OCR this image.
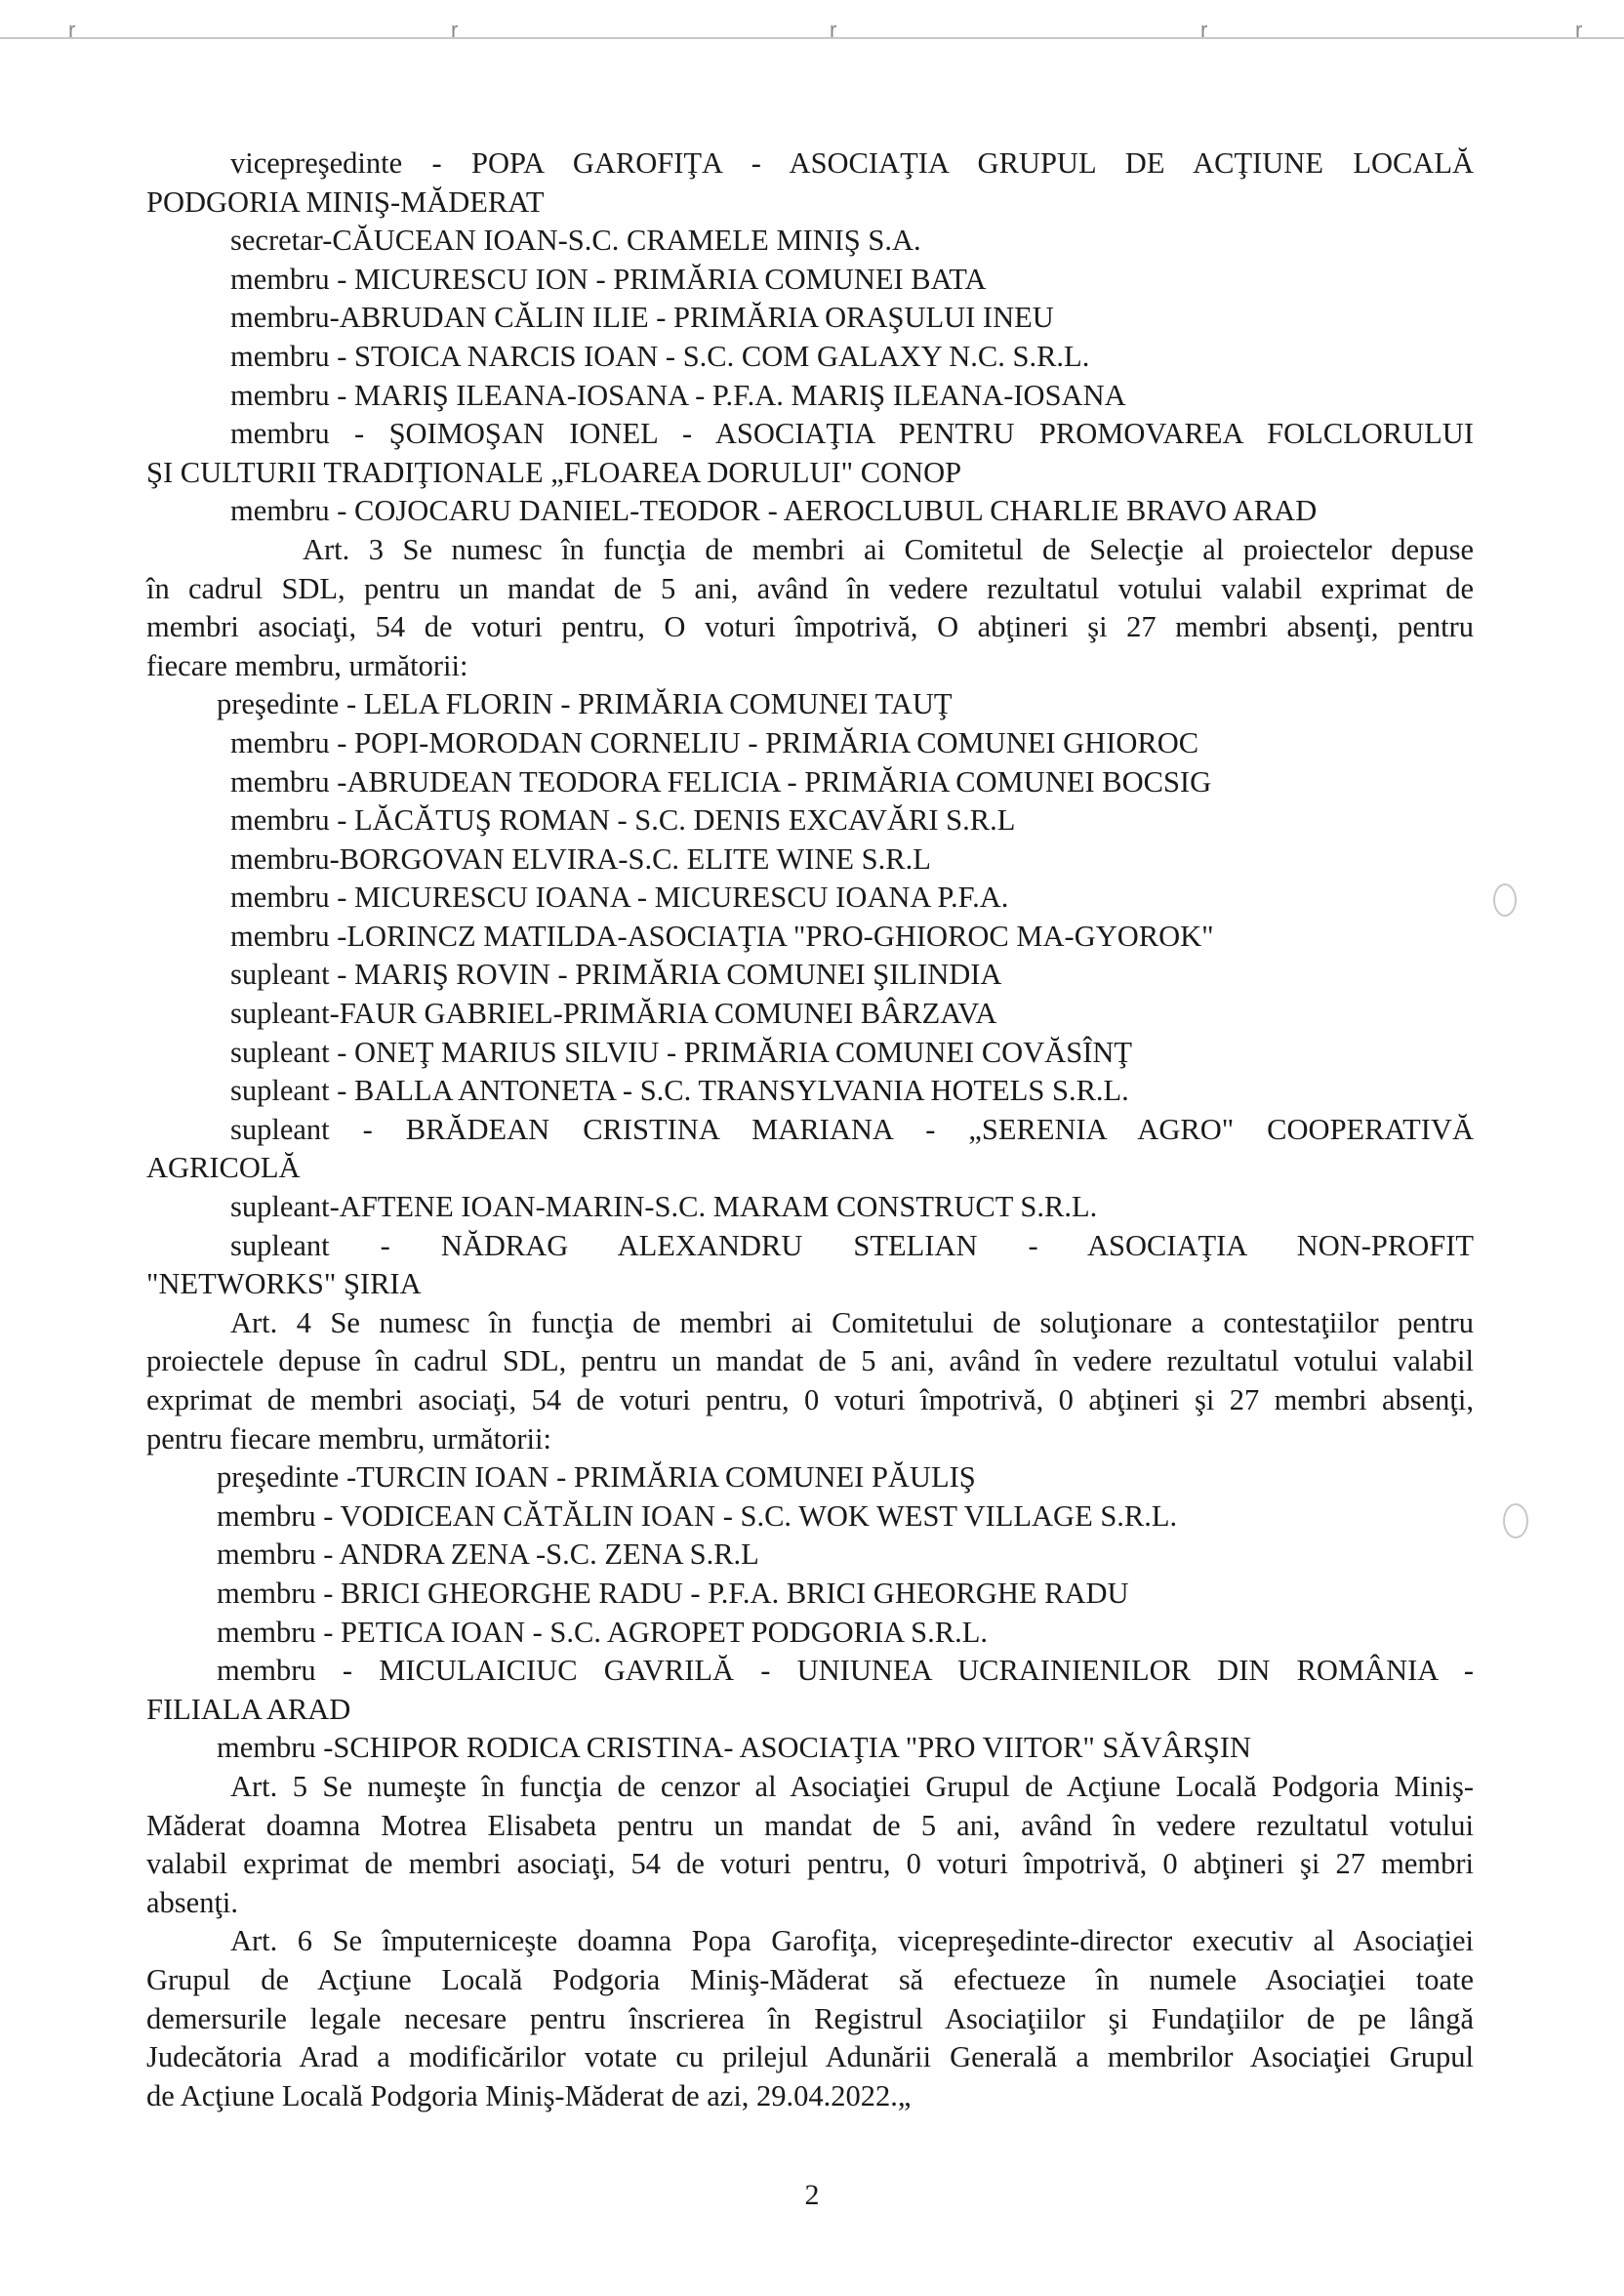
r	r	r	r	r
vicepreşedinte - POPA GAROFIŢA - ASOCIAŢIA GRUPUL DE ACŢIUNE LOCALĂ
PODGORIA MINIŞ-MĂDERAT
secretar-CĂUCEAN IOAN-S.C. CRAMELE MINIŞ S.A.
membru - MICURESCU ION - PRIMĂRIA COMUNEI BATA
membru-ABRUDAN CĂLIN ILIE - PRIMĂRIA ORAŞULUI INEU
membru - STOICA NARCIS IOAN - S.C. COM GALAXY N.C. S.R.L.
membru - MARIŞ ILEANA-IOSANA - P.F.A. MARIŞ ILEANA-IOSANA
membru - ŞOIMOŞAN IONEL - ASOCIAŢIA PENTRU PROMOVAREA FOLCLORULUI
ŞI CULTURII TRADIŢIONALE „FLOAREA DORULUI" CONOP
membru - COJOCARU DANIEL-TEODOR - AEROCLUBUL CHARLIE BRAVO ARAD
Art. 3 Se numesc în funcţia de membri ai Comitetul de Selecţie al proiectelor depuse
în cadrul SDL, pentru un mandat de 5 ani, având în vedere rezultatul votului valabil exprimat de
membri asociaţi, 54 de voturi pentru, O voturi împotrivă, O abţineri şi 27 membri absenţi, pentru
fiecare membru, următorii:
preşedinte - LELA FLORIN - PRIMĂRIA COMUNEI TAUŢ
membru - POPI-MORODAN CORNELIU - PRIMĂRIA COMUNEI GHIOROC
membru -ABRUDEAN TEODORA FELICIA - PRIMĂRIA COMUNEI BOCSIG
membru - LĂCĂTUŞ ROMAN - S.C. DENIS EXCAVĂRI S.R.L
membru-BORGOVAN ELVIRA-S.C. ELITE WINE S.R.L
membru - MICURESCU IOANA - MICURESCU IOANA P.F.A.
membru -LORINCZ MATILDA-ASOCIAŢIA "PRO-GHIOROC MA-GYOROK"
supleant - MARIŞ ROVIN - PRIMĂRIA COMUNEI ŞILINDIA
supleant-FAUR GABRIEL-PRIMĂRIA COMUNEI BÂRZAVA
supleant - ONEŢ MARIUS SILVIU - PRIMĂRIA COMUNEI COVĂSÎNŢ
supleant - BALLA ANTONETA - S.C. TRANSYLVANIA HOTELS S.R.L.
supleant - BRĂDEAN CRISTINA MARIANA - „SERENIA AGRO" COOPERATIVĂ
AGRICOLĂ
supleant-AFTENE IOAN-MARIN-S.C. MARAM CONSTRUCT S.R.L.
supleant - NĂDRAG ALEXANDRU STELIAN - ASOCIAŢIA NON-PROFIT
"NETWORKS" ŞIRIA
Art. 4 Se numesc în funcţia de membri ai Comitetului de soluţionare a contestaţiilor pentru
proiectele depuse în cadrul SDL, pentru un mandat de 5 ani, având în vedere rezultatul votului valabil
exprimat de membri asociaţi, 54 de voturi pentru, 0 voturi împotrivă, 0 abţineri şi 27 membri absenţi,
pentru fiecare membru, următorii:
preşedinte -TURCIN IOAN - PRIMĂRIA COMUNEI PĂULIŞ
membru - VODICEAN CĂTĂLIN IOAN - S.C. WOK WEST VILLAGE S.R.L.
membru - ANDRA ZENA -S.C. ZENA S.R.L
membru - BRICI GHEORGHE RADU - P.F.A. BRICI GHEORGHE RADU
membru - PETICA IOAN - S.C. AGROPET PODGORIA S.R.L.
membru - MICULAICIUC GAVRILĂ - UNIUNEA UCRAINIENILOR DIN ROMÂNIA -
FILIALA ARAD
membru -SCHIPOR RODICA CRISTINA- ASOCIAŢIA "PRO VIITOR" SĂVÂRŞIN
Art. 5 Se numeşte în funcţia de cenzor al Asociaţiei Grupul de Acţiune Locală Podgoria Miniş-
Măderat doamna Motrea Elisabeta pentru un mandat de 5 ani, având în vedere rezultatul votului
valabil exprimat de membri asociaţi, 54 de voturi pentru, 0 voturi împotrivă, 0 abţineri şi 27 membri
absenţi.
Art. 6 Se împuterniceşte doamna Popa Garofiţa, vicepreşedinte-director executiv al Asociaţiei
Grupul de Acţiune Locală Podgoria Miniş-Măderat să efectueze în numele Asociaţiei toate
demersurile legale necesare pentru înscrierea în Registrul Asociaţiilor şi Fundaţiilor de pe lângă
Judecătoria Arad a modificărilor votate cu prilejul Adunării Generală a membrilor Asociaţiei Grupul
de Acţiune Locală Podgoria Miniş-Măderat de azi, 29.04.2022.„
2
